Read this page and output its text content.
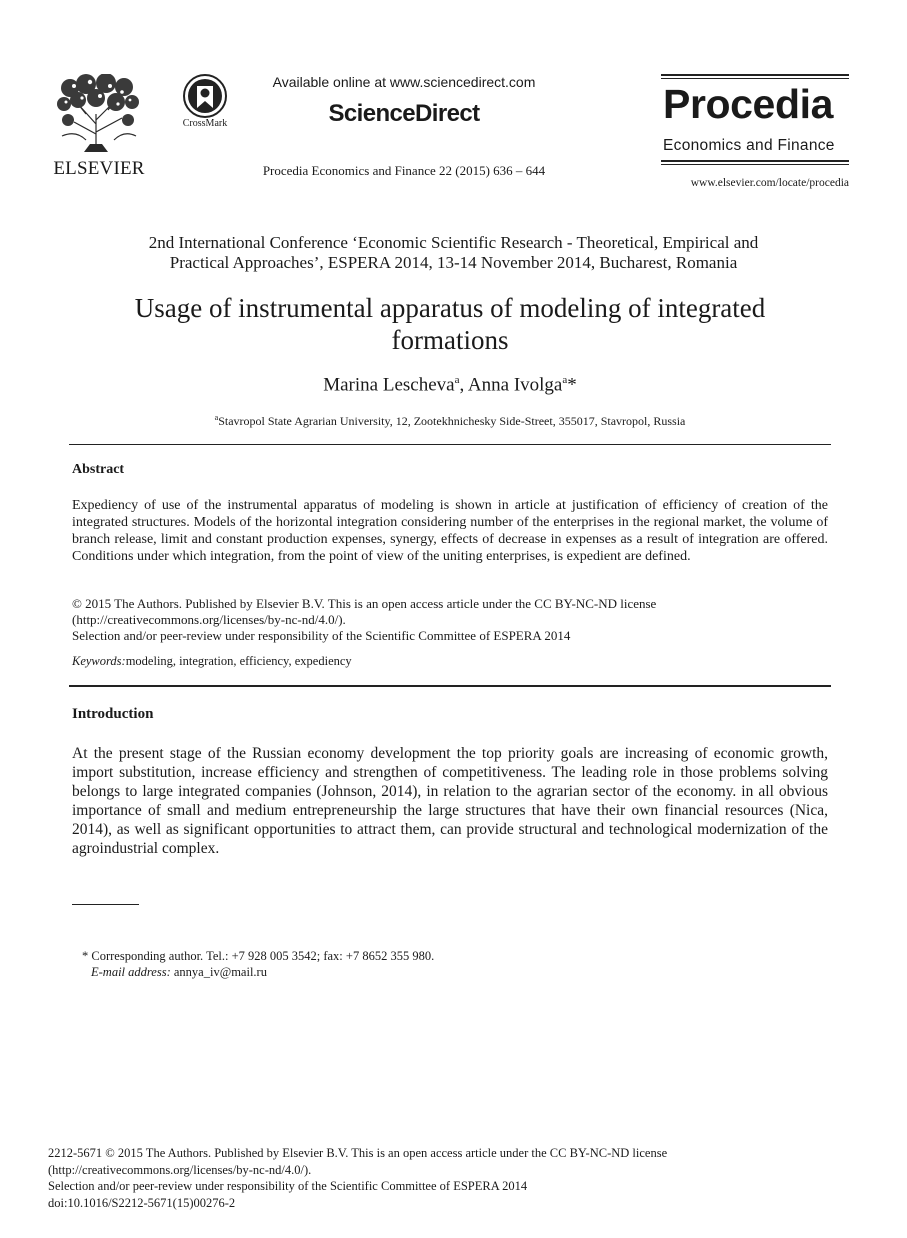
ELSEVIER
CrossMark
Available online at www.sciencedirect.com
ScienceDirect
Procedia Economics and Finance 22 (2015) 636 – 644
Procedia
Economics and Finance
www.elsevier.com/locate/procedia
2nd International Conference ‘Economic Scientific Research - Theoretical, Empirical and
Practical Approaches’, ESPERA 2014, 13-14 November 2014, Bucharest, Romania
Usage of instrumental apparatus of modeling of integrated
formations
Marina Lescheva$^a$, Anna Ivolga$^a$*
$^a$Stavropol State Agrarian University, 12, Zootekhnichesky Side-Street, 355017, Stavropol, Russia
Abstract
Expediency of use of the instrumental apparatus of modeling is shown in article at justification of efficiency of creation of the integrated structures. Models of the horizontal integration considering number of the enterprises in the regional market, the volume of branch release, limit and constant production expenses, synergy, effects of decrease in expenses as a result of integration are offered. Conditions under which integration, from the point of view of the uniting enterprises, is expedient are defined.
© 2015 The Authors. Published by Elsevier B.V. This is an open access article under the CC BY-NC-ND license
(http://creativecommons.org/licenses/by-nc-nd/4.0/).
Selection and/or peer-review under responsibility of the Scientific Committee of ESPERA 2014
Keywords:modeling, integration, efficiency, expediency
Introduction
At the present stage of the Russian economy development the top priority goals are increasing of economic growth, import substitution, increase efficiency and strengthen of competitiveness. The leading role in those problems solving belongs to large integrated companies (Johnson, 2014), in relation to the agrarian sector of the economy. in all obvious importance of small and medium entrepreneurship the large structures that have their own financial resources (Nica, 2014), as well as significant opportunities to attract them, can provide structural and technological modernization of the agroindustrial complex.
* Corresponding author. Tel.: +7 928 005 3542; fax: +7 8652 355 980.
E-mail address: annya_iv@mail.ru
2212-5671 © 2015 The Authors. Published by Elsevier B.V. This is an open access article under the CC BY-NC-ND license
(http://creativecommons.org/licenses/by-nc-nd/4.0/).
Selection and/or peer-review under responsibility of the Scientific Committee of ESPERA 2014
doi:10.1016/S2212-5671(15)00276-2
